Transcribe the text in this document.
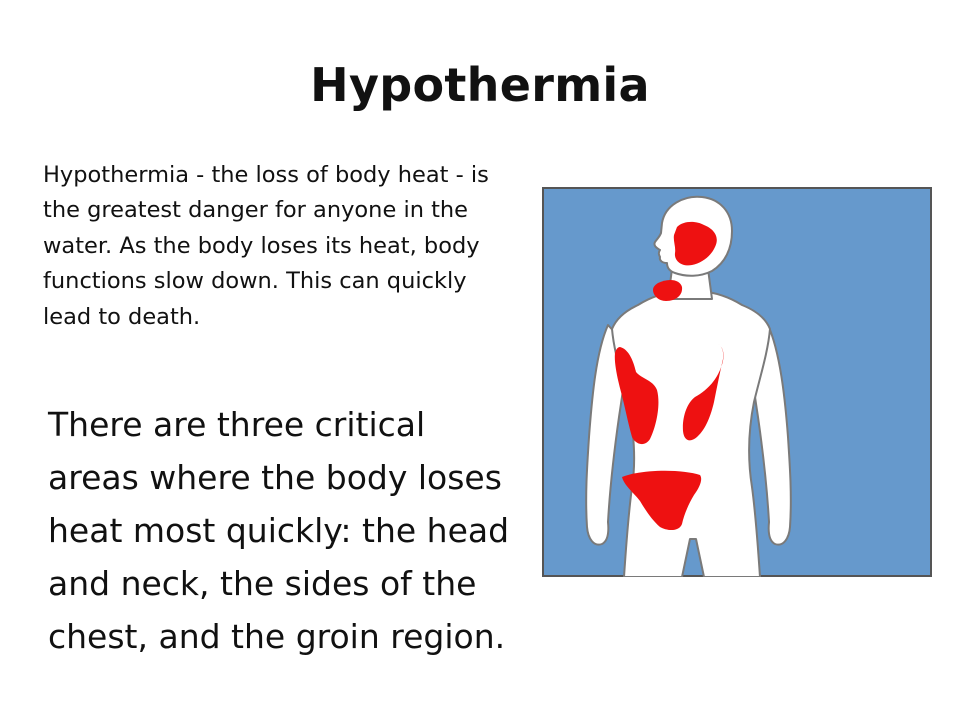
Hypothermia

Hypothermia - the loss of body heat - is the greatest danger for anyone in the water. As the body loses its heat, body functions slow down. This can quickly lead to death.

There are three critical areas where the body loses heat most quickly: the head and neck, the sides of the chest, and the groin region.
